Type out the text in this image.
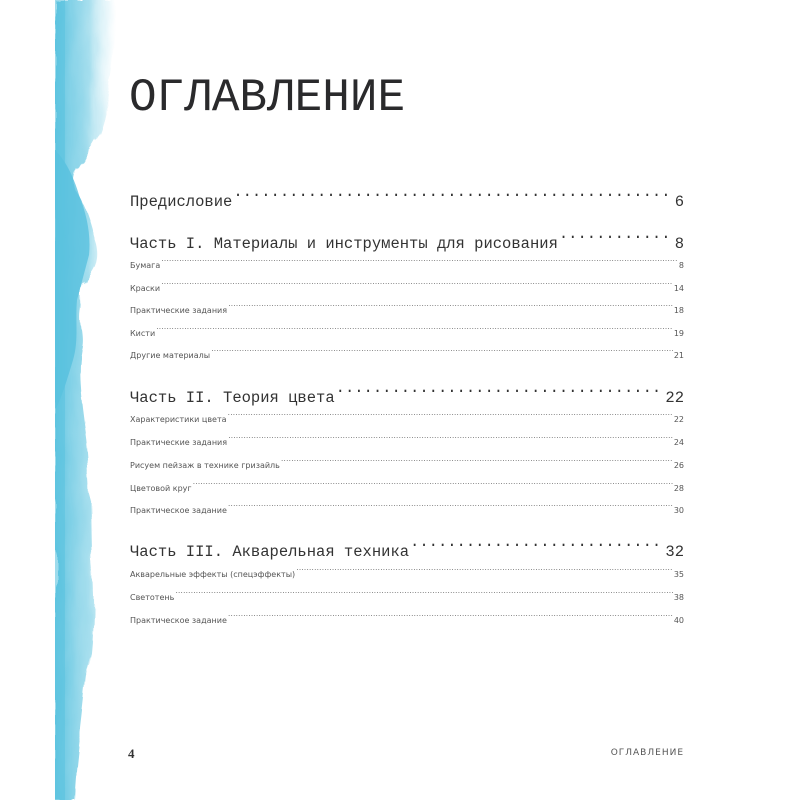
ОГЛАВЛЕНИЕ
Предисловие .....	6
Часть I. Материалы и инструменты для рисования .....	8
Бумага .....	8
Краски .....	14
Практические задания .....	18
Кисти .....	19
Другие материалы .....	21
Часть II. Теория цвета .....	22
Характеристики цвета .....	22
Практические задания .....	24
Рисуем пейзаж в технике гризайль .....	26
Цветовой круг .....	28
Практическое задание .....	30
Часть III. Акварельная техника .....	32
Акварельные эффекты (спецэффекты) .....	35
Светотень .....	38
Практическое задание .....	40
4	ОГЛАВЛЕНИЕ
